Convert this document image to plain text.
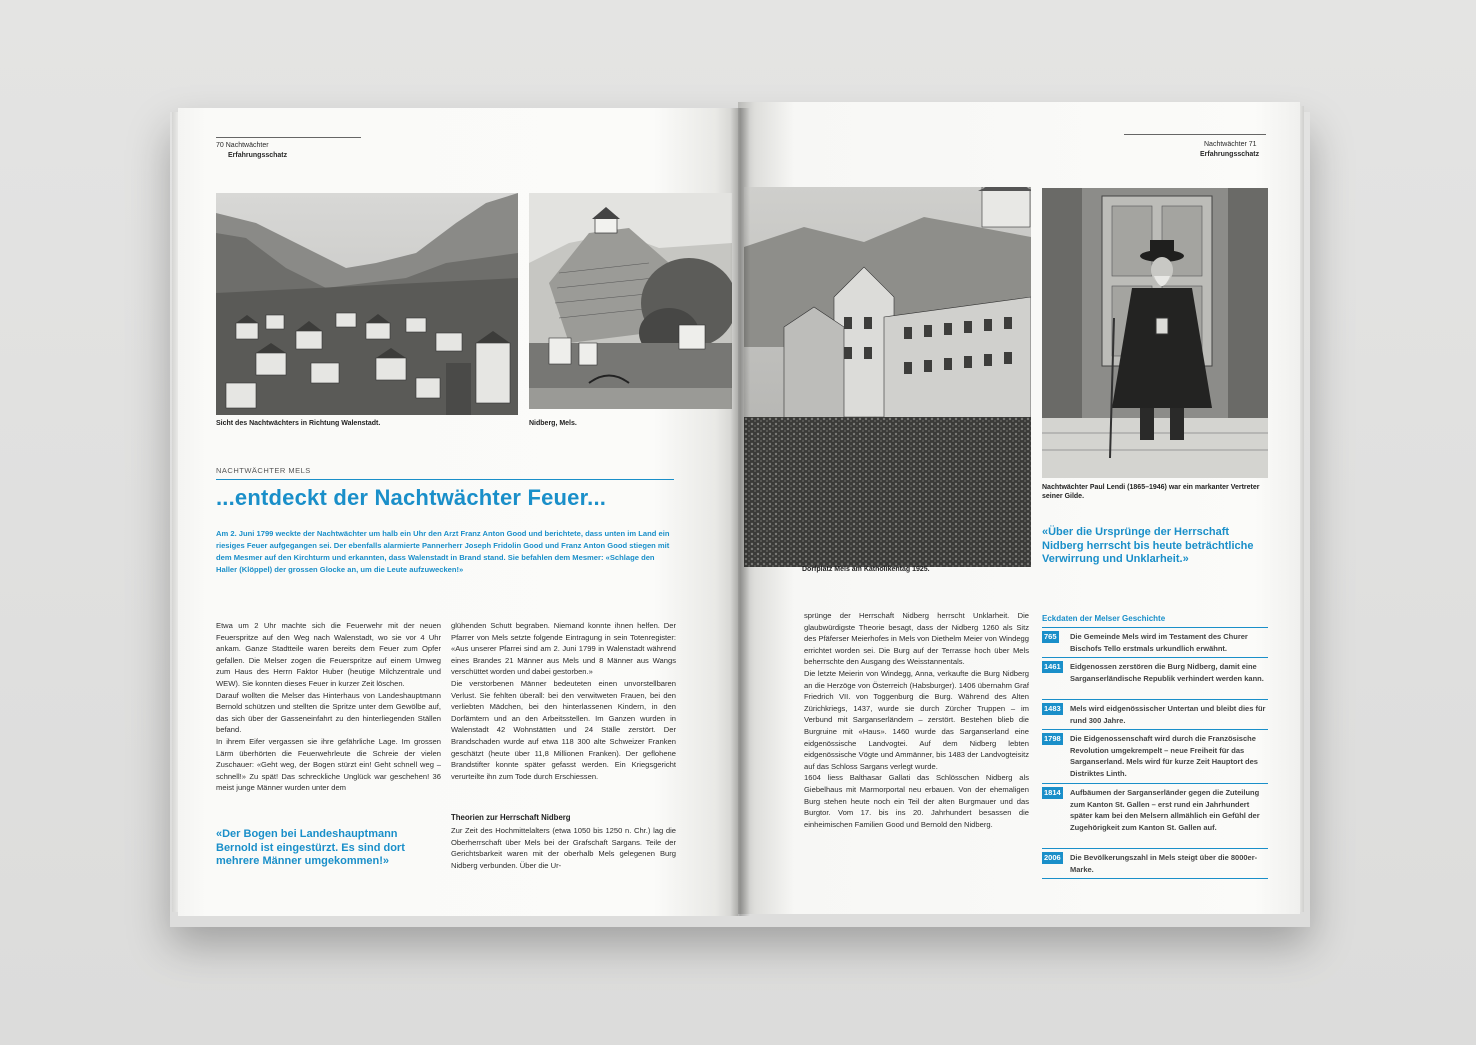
70 Nachtwächter
Erfahrungsschatz
Sicht des Nachtwächters in Richtung Walenstadt.	Nidberg, Mels.
NACHTWÄCHTER MELS
...entdeckt der Nachtwächter Feuer...
Am 2. Juni 1799 weckte der Nachtwächter um halb ein Uhr den Arzt Franz Anton Good und berichtete, dass unten im Land ein riesiges Feuer aufgegangen sei. Der ebenfalls alarmierte Pannerherr Joseph Fridolin Good und Franz Anton Good stiegen mit dem Mesmer auf den Kirchturm und erkannten, dass Walenstadt in Brand stand. Sie befahlen dem Mesmer: «Schlage den Haller (Klöppel) der grossen Glocke an, um die Leute aufzuwecken!»

Etwa um 2 Uhr machte sich die Feuerwehr mit der neuen Feuerspritze auf den Weg nach Walenstadt, wo sie vor 4 Uhr ankam. Ganze Stadtteile waren bereits dem Feuer zum Opfer gefallen. Die Melser zogen die Feuerspritze auf einem Umweg zum Haus des Herrn Faktor Huber (heutige Milchzentrale und WEW). Sie konnten dieses Feuer in kurzer Zeit löschen.

Darauf wollten die Melser das Hinterhaus von Landeshauptmann Bernold schützen und stellten die Spritze unter dem Gewölbe auf, das sich über der Gasseneinfahrt zu den hinterliegenden Ställen befand.

In ihrem Eifer vergassen sie ihre gefährliche Lage. Im grossen Lärm überhörten die Feuerwehrleute die Schreie der vielen Zuschauer: «Geht weg, der Bogen stürzt ein! Geht schnell weg – schnell!» Zu spät! Das schreckliche Unglück war geschehen! 36 meist junge Männer wurden unter dem

«Der Bogen bei Landeshauptmann Bernold ist eingestürzt. Es sind dort mehrere Männer umgekommen!»

glühenden Schutt begraben. Niemand konnte ihnen helfen. Der Pfarrer von Mels setzte folgende Eintragung in sein Totenregister: «Aus unserer Pfarrei sind am 2. Juni 1799 in Walenstadt während eines Brandes 21 Männer aus Mels und 8 Männer aus Wangs verschüttet worden und dabei gestorben.»

Die verstorbenen Männer bedeuteten einen unvorstellbaren Verlust. Sie fehlten überall: bei den verwitweten Frauen, bei den verliebten Mädchen, bei den hinterlassenen Kindern, in den Dorfämtern und an den Arbeitsstellen. Im Ganzen wurden in Walenstadt 42 Wohnstätten und 24 Ställe zerstört. Der Brandschaden wurde auf etwa 118 300 alte Schweizer Franken geschätzt (heute über 11,8 Millionen Franken). Der geflohene Brandstifter konnte später gefasst werden. Ein Kriegsgericht verurteilte ihn zum Tode durch Erschiessen.

Theorien zur Herrschaft Nidberg
Zur Zeit des Hochmittelalters (etwa 1050 bis 1250 n. Chr.) lag die Oberherrschaft über Mels bei der Grafschaft Sargans. Teile der Gerichtsbarkeit waren mit der oberhalb Mels gelegenen Burg Nidberg verbunden. Über die Ur-
Nachtwächter 71
Erfahrungsschatz
Dorfplatz Mels am Katholikentag 1925.
Nachtwächter Paul Lendi (1865–1946) war ein markanter Vertreter seiner Gilde.
«Über die Ursprünge der Herrschaft Nidberg herrscht bis heute beträchtliche Verwirrung und Unklarheit.»

sprünge der Herrschaft Nidberg herrscht Unklarheit. Die glaubwürdigste Theorie besagt, dass der Nidberg 1260 als Sitz des Pfäferser Meierhofes in Mels von Diethelm Meier von Windegg errichtet worden sei. Die Burg auf der Terrasse hoch über Mels beherrschte den Ausgang des Weisstannentals.

Die letzte Meierin von Windegg, Anna, verkaufte die Burg Nidberg an die Herzöge von Österreich (Habsburger). 1406 übernahm Graf Friedrich VII. von Toggenburg die Burg. Während des Alten Zürichkriegs, 1437, wurde sie durch Zürcher Truppen – im Verbund mit Sarganserländern – zerstört. Bestehen blieb die Burgruine mit «Haus». 1460 wurde das Sarganserland eine eidgenössische Landvogtei. Auf dem Nidberg lebten eidgenössische Vögte und Ammänner, bis 1483 der Landvogteisitz auf das Schloss Sargans verlegt wurde.

1604 liess Balthasar Gallati das Schlösschen Nidberg als Giebelhaus mit Marmorportal neu erbauen. Von der ehemaligen Burg stehen heute noch ein Teil der alten Burgmauer und das Burgtor. Vom 17. bis ins 20. Jahrhundert besassen die einheimischen Familien Good und Bernold den Nidberg.

Eckdaten der Melser Geschichte
765 Die Gemeinde Mels wird im Testament des Churer Bischofs Tello erstmals urkundlich erwähnt.
1461 Eidgenossen zerstören die Burg Nidberg, damit eine Sarganserländische Republik verhindert werden kann.
1483 Mels wird eidgenössischer Untertan und bleibt dies für rund 300 Jahre.
1798 Die Eidgenossenschaft wird durch die Französische Revolution umgekrempelt – neue Freiheit für das Sarganserland. Mels wird für kurze Zeit Hauptort des Distriktes Linth.
1814 Aufbäumen der Sarganserländer gegen die Zuteilung zum Kanton St. Gallen – erst rund ein Jahrhundert später kam bei den Melsern allmählich ein Gefühl der Zugehörigkeit zum Kanton St. Gallen auf.
2006 Die Bevölkerungszahl in Mels steigt über die 8000er-Marke.
